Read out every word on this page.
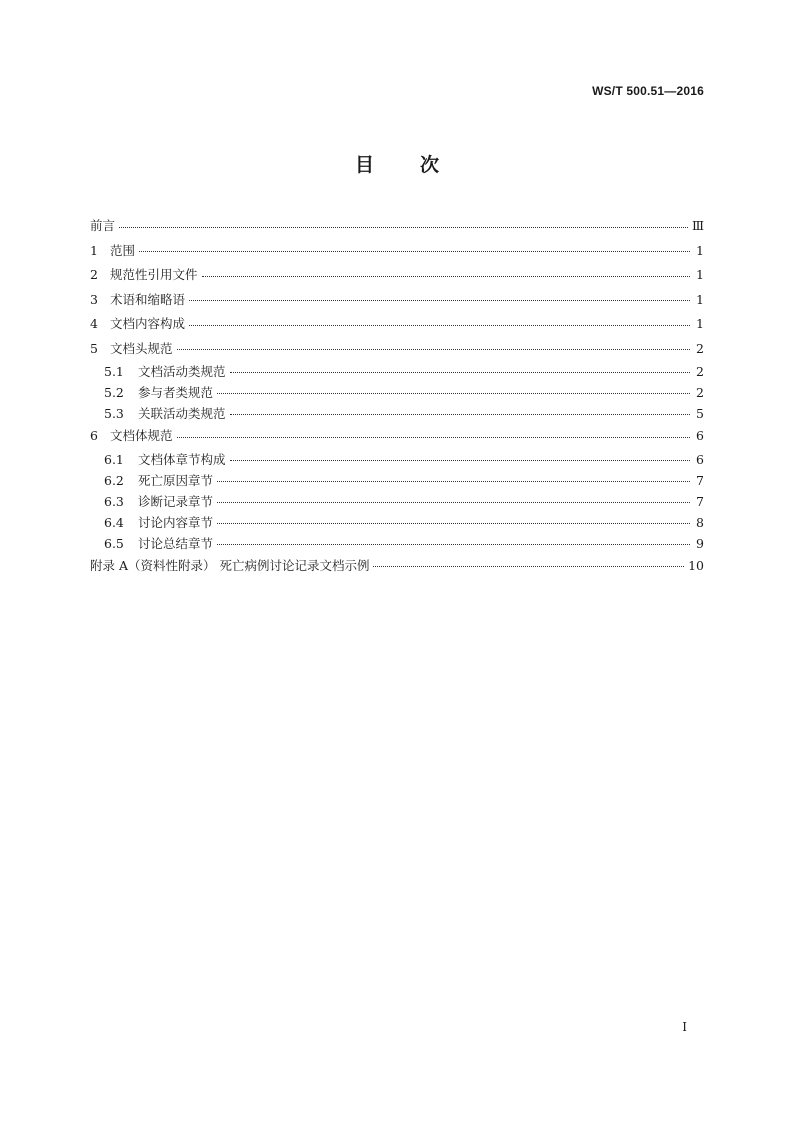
WS/T 500.51—2016
目 次
前言	Ⅲ
1 范围	1
2 规范性引用文件	1
3 术语和缩略语	1
4 文档内容构成	1
5 文档头规范	2
5.1	文档活动类规范	2
5.2	参与者类规范	2
5.3	关联活动类规范	5
6 文档体规范	6
6.1	文档体章节构成	6
6.2	死亡原因章节	7
6.3	诊断记录章节	7
6.4	讨论内容章节	8
6.5	讨论总结章节	9
附录 A（资料性附录） 死亡病例讨论记录文档示例	10
I
